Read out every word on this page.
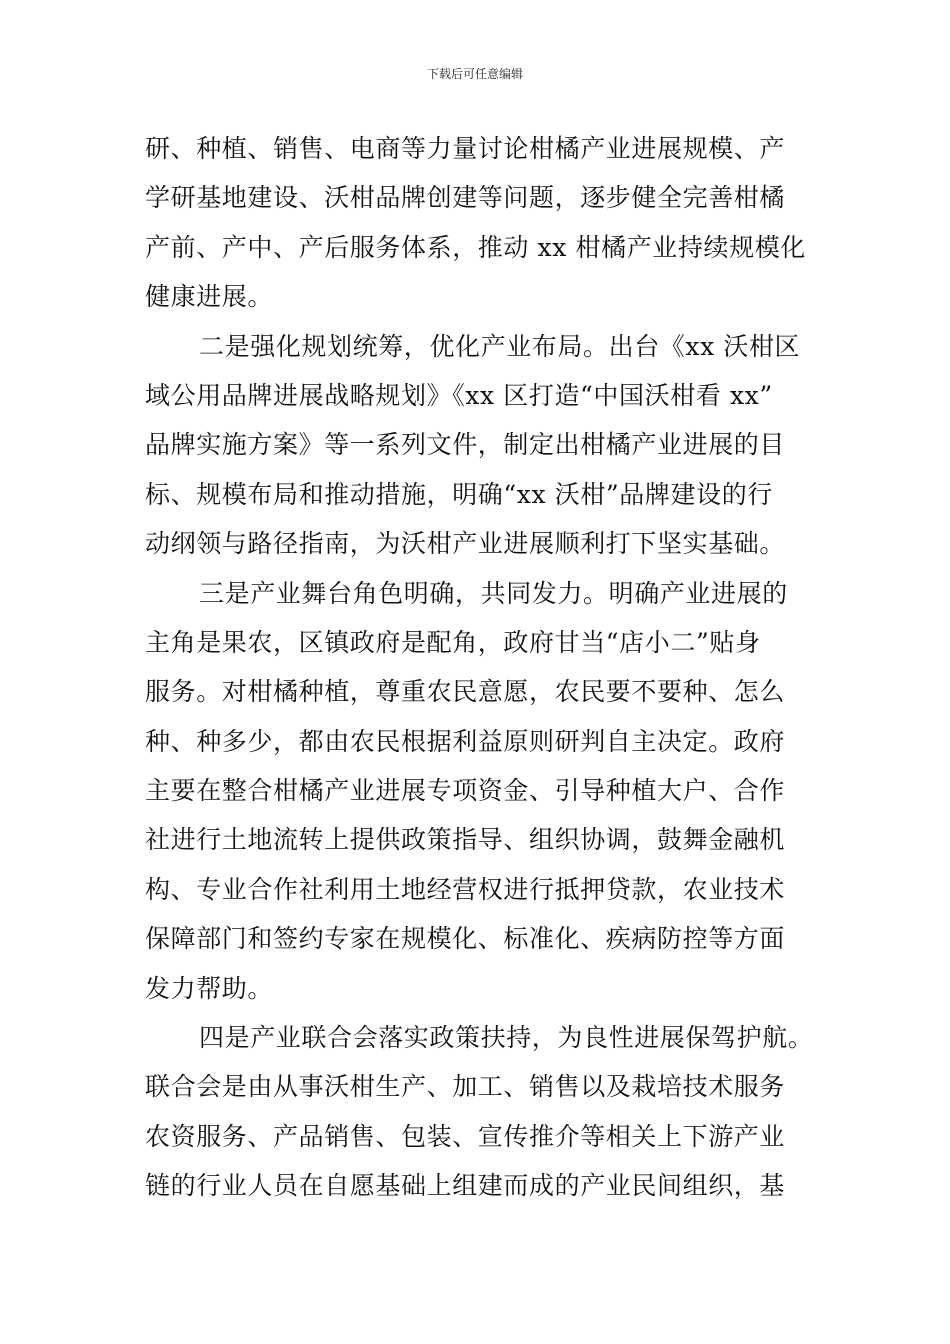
下载后可任意编辑
研、种植、销售、电商等力量讨论柑橘产业进展规模、产
学研基地建设、沃柑品牌创建等问题，逐步健全完善柑橘
产前、产中、产后服务体系，推动 xx 柑橘产业持续规模化
健康进展。
二是强化规划统筹，优化产业布局。出台《xx 沃柑区
域公用品牌进展战略规划》《xx 区打造“中国沃柑看 xx”
品牌实施方案》等一系列文件，制定出柑橘产业进展的目
标、规模布局和推动措施，明确“xx 沃柑”品牌建设的行
动纲领与路径指南，为沃柑产业进展顺利打下坚实基础。
三是产业舞台角色明确，共同发力。明确产业进展的
主角是果农，区镇政府是配角，政府甘当“店小二”贴身
服务。对柑橘种植，尊重农民意愿，农民要不要种、怎么
种、种多少，都由农民根据利益原则研判自主决定。政府
主要在整合柑橘产业进展专项资金、引导种植大户、合作
社进行土地流转上提供政策指导、组织协调，鼓舞金融机
构、专业合作社利用土地经营权进行抵押贷款，农业技术
保障部门和签约专家在规模化、标准化、疾病防控等方面
发力帮助。
四是产业联合会落实政策扶持，为良性进展保驾护航。
联合会是由从事沃柑生产、加工、销售以及栽培技术服务
农资服务、产品销售、包装、宣传推介等相关上下游产业
链的行业人员在自愿基础上组建而成的产业民间组织，基
